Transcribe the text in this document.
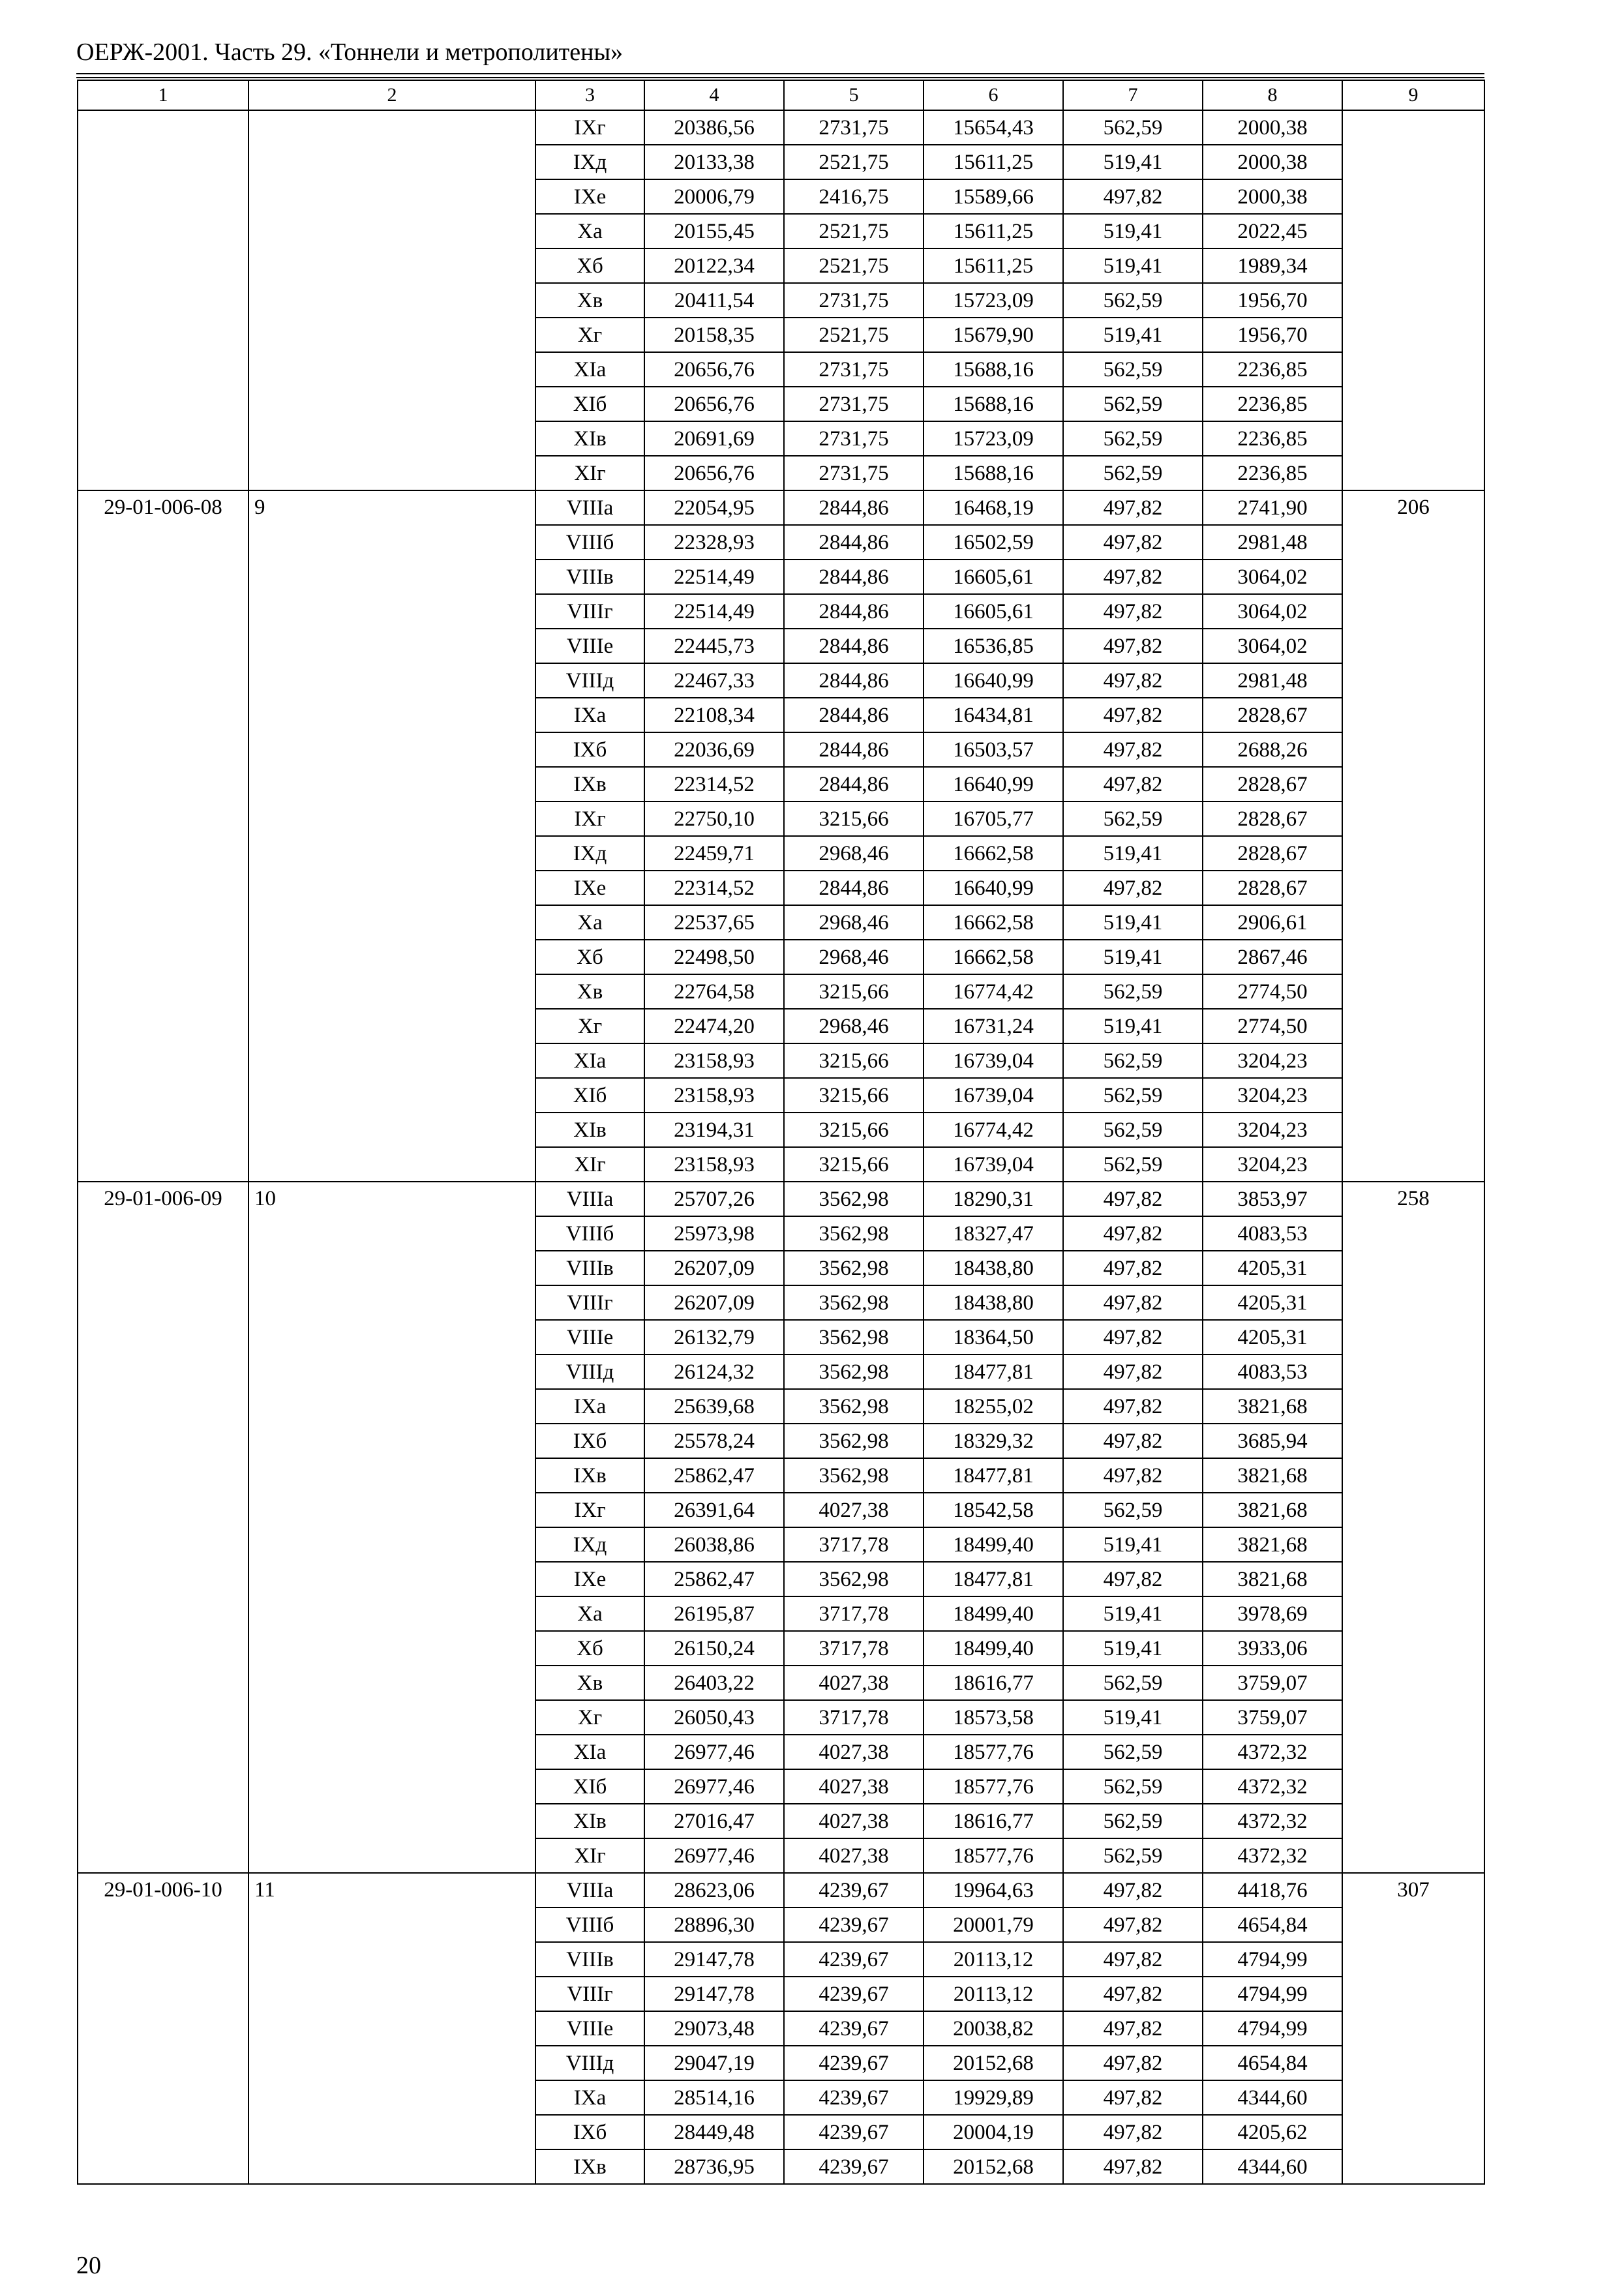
ОЕРЖ-2001. Часть 29. «Тоннели и метрополитены»
1	2	3	4	5	6	7	8	9
		IXг	20386,56	2731,75	15654,43	562,59	2000,38	
		IXд	20133,38	2521,75	15611,25	519,41	2000,38	
		IXе	20006,79	2416,75	15589,66	497,82	2000,38	
		Xа	20155,45	2521,75	15611,25	519,41	2022,45	
		Xб	20122,34	2521,75	15611,25	519,41	1989,34	
		Xв	20411,54	2731,75	15723,09	562,59	1956,70	
		Xг	20158,35	2521,75	15679,90	519,41	1956,70	
		XIа	20656,76	2731,75	15688,16	562,59	2236,85	
		XIб	20656,76	2731,75	15688,16	562,59	2236,85	
		XIв	20691,69	2731,75	15723,09	562,59	2236,85	
		XIг	20656,76	2731,75	15688,16	562,59	2236,85	
29-01-006-08	9	VIIIа	22054,95	2844,86	16468,19	497,82	2741,90	206
		VIIIб	22328,93	2844,86	16502,59	497,82	2981,48	
		VIIIв	22514,49	2844,86	16605,61	497,82	3064,02	
		VIIIг	22514,49	2844,86	16605,61	497,82	3064,02	
		VIIIе	22445,73	2844,86	16536,85	497,82	3064,02	
		VIIIд	22467,33	2844,86	16640,99	497,82	2981,48	
		IXа	22108,34	2844,86	16434,81	497,82	2828,67	
		IXб	22036,69	2844,86	16503,57	497,82	2688,26	
		IXв	22314,52	2844,86	16640,99	497,82	2828,67	
		IXг	22750,10	3215,66	16705,77	562,59	2828,67	
		IXд	22459,71	2968,46	16662,58	519,41	2828,67	
		IXе	22314,52	2844,86	16640,99	497,82	2828,67	
		Xа	22537,65	2968,46	16662,58	519,41	2906,61	
		Xб	22498,50	2968,46	16662,58	519,41	2867,46	
		Xв	22764,58	3215,66	16774,42	562,59	2774,50	
		Xг	22474,20	2968,46	16731,24	519,41	2774,50	
		XIа	23158,93	3215,66	16739,04	562,59	3204,23	
		XIб	23158,93	3215,66	16739,04	562,59	3204,23	
		XIв	23194,31	3215,66	16774,42	562,59	3204,23	
		XIг	23158,93	3215,66	16739,04	562,59	3204,23	
29-01-006-09	10	VIIIа	25707,26	3562,98	18290,31	497,82	3853,97	258
		VIIIб	25973,98	3562,98	18327,47	497,82	4083,53	
		VIIIв	26207,09	3562,98	18438,80	497,82	4205,31	
		VIIIг	26207,09	3562,98	18438,80	497,82	4205,31	
		VIIIе	26132,79	3562,98	18364,50	497,82	4205,31	
		VIIIд	26124,32	3562,98	18477,81	497,82	4083,53	
		IXа	25639,68	3562,98	18255,02	497,82	3821,68	
		IXб	25578,24	3562,98	18329,32	497,82	3685,94	
		IXв	25862,47	3562,98	18477,81	497,82	3821,68	
		IXг	26391,64	4027,38	18542,58	562,59	3821,68	
		IXд	26038,86	3717,78	18499,40	519,41	3821,68	
		IXе	25862,47	3562,98	18477,81	497,82	3821,68	
		Xа	26195,87	3717,78	18499,40	519,41	3978,69	
		Xб	26150,24	3717,78	18499,40	519,41	3933,06	
		Xв	26403,22	4027,38	18616,77	562,59	3759,07	
		Xг	26050,43	3717,78	18573,58	519,41	3759,07	
		XIа	26977,46	4027,38	18577,76	562,59	4372,32	
		XIб	26977,46	4027,38	18577,76	562,59	4372,32	
		XIв	27016,47	4027,38	18616,77	562,59	4372,32	
		XIг	26977,46	4027,38	18577,76	562,59	4372,32	
29-01-006-10	11	VIIIа	28623,06	4239,67	19964,63	497,82	4418,76	307
		VIIIб	28896,30	4239,67	20001,79	497,82	4654,84	
		VIIIв	29147,78	4239,67	20113,12	497,82	4794,99	
		VIIIг	29147,78	4239,67	20113,12	497,82	4794,99	
		VIIIе	29073,48	4239,67	20038,82	497,82	4794,99	
		VIIIд	29047,19	4239,67	20152,68	497,82	4654,84	
		IXа	28514,16	4239,67	19929,89	497,82	4344,60	
		IXб	28449,48	4239,67	20004,19	497,82	4205,62	
		IXв	28736,95	4239,67	20152,68	497,82	4344,60	
20
